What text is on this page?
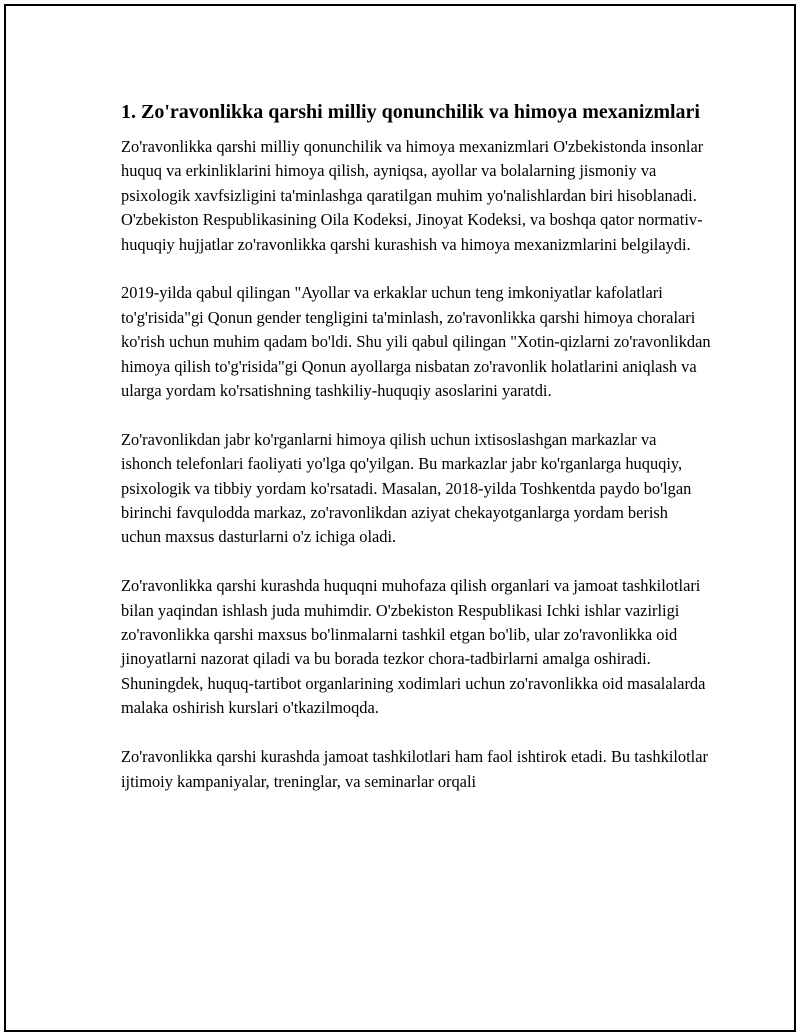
1. Zo'ravonlikka qarshi milliy qonunchilik va himoya mexanizmlari

Zo'ravonlikka qarshi milliy qonunchilik va himoya mexanizmlari O'zbekistonda insonlar huquq va erkinliklarini himoya qilish, ayniqsa, ayollar va bolalarning jismoniy va psixologik xavfsizligini ta'minlashga qaratilgan muhim yo'nalishlardan biri hisoblanadi. O'zbekiston Respublikasining Oila Kodeksi, Jinoyat Kodeksi, va boshqa qator normativ-huquqiy hujjatlar zo'ravonlikka qarshi kurashish va himoya mexanizmlarini belgilaydi.

2019-yilda qabul qilingan "Ayollar va erkaklar uchun teng imkoniyatlar kafolatlari to'g'risida"gi Qonun gender tengligini ta'minlash, zo'ravonlikka qarshi himoya choralari ko'rish uchun muhim qadam bo'ldi. Shu yili qabul qilingan "Xotin-qizlarni zo'ravonlikdan himoya qilish to'g'risida"gi Qonun ayollarga nisbatan zo'ravonlik holatlarini aniqlash va ularga yordam ko'rsatishning tashkiliy-huquqiy asoslarini yaratdi.

Zo'ravonlikdan jabr ko'rganlarni himoya qilish uchun ixtisoslashgan markazlar va ishonch telefonlari faoliyati yo'lga qo'yilgan. Bu markazlar jabr ko'rganlarga huquqiy, psixologik va tibbiy yordam ko'rsatadi. Masalan, 2018-yilda Toshkentda paydo bo'lgan birinchi favqulodda markaz, zo'ravonlikdan aziyat chekayotganlarga yordam berish uchun maxsus dasturlarni o'z ichiga oladi.

Zo'ravonlikka qarshi kurashda huquqni muhofaza qilish organlari va jamoat tashkilotlari bilan yaqindan ishlash juda muhimdir. O'zbekiston Respublikasi Ichki ishlar vazirligi zo'ravonlikka qarshi maxsus bo'linmalarni tashkil etgan bo'lib, ular zo'ravonlikka oid jinoyatlarni nazorat qiladi va bu borada tezkor chora-tadbirlarni amalga oshiradi. Shuningdek, huquq-tartibot organlarining xodimlari uchun zo'ravonlikka oid masalalarda malaka oshirish kurslari o'tkazilmoqda.

Zo'ravonlikka qarshi kurashda jamoat tashkilotlari ham faol ishtirok etadi. Bu tashkilotlar ijtimoiy kampaniyalar, treninglar, va seminarlar orqali
